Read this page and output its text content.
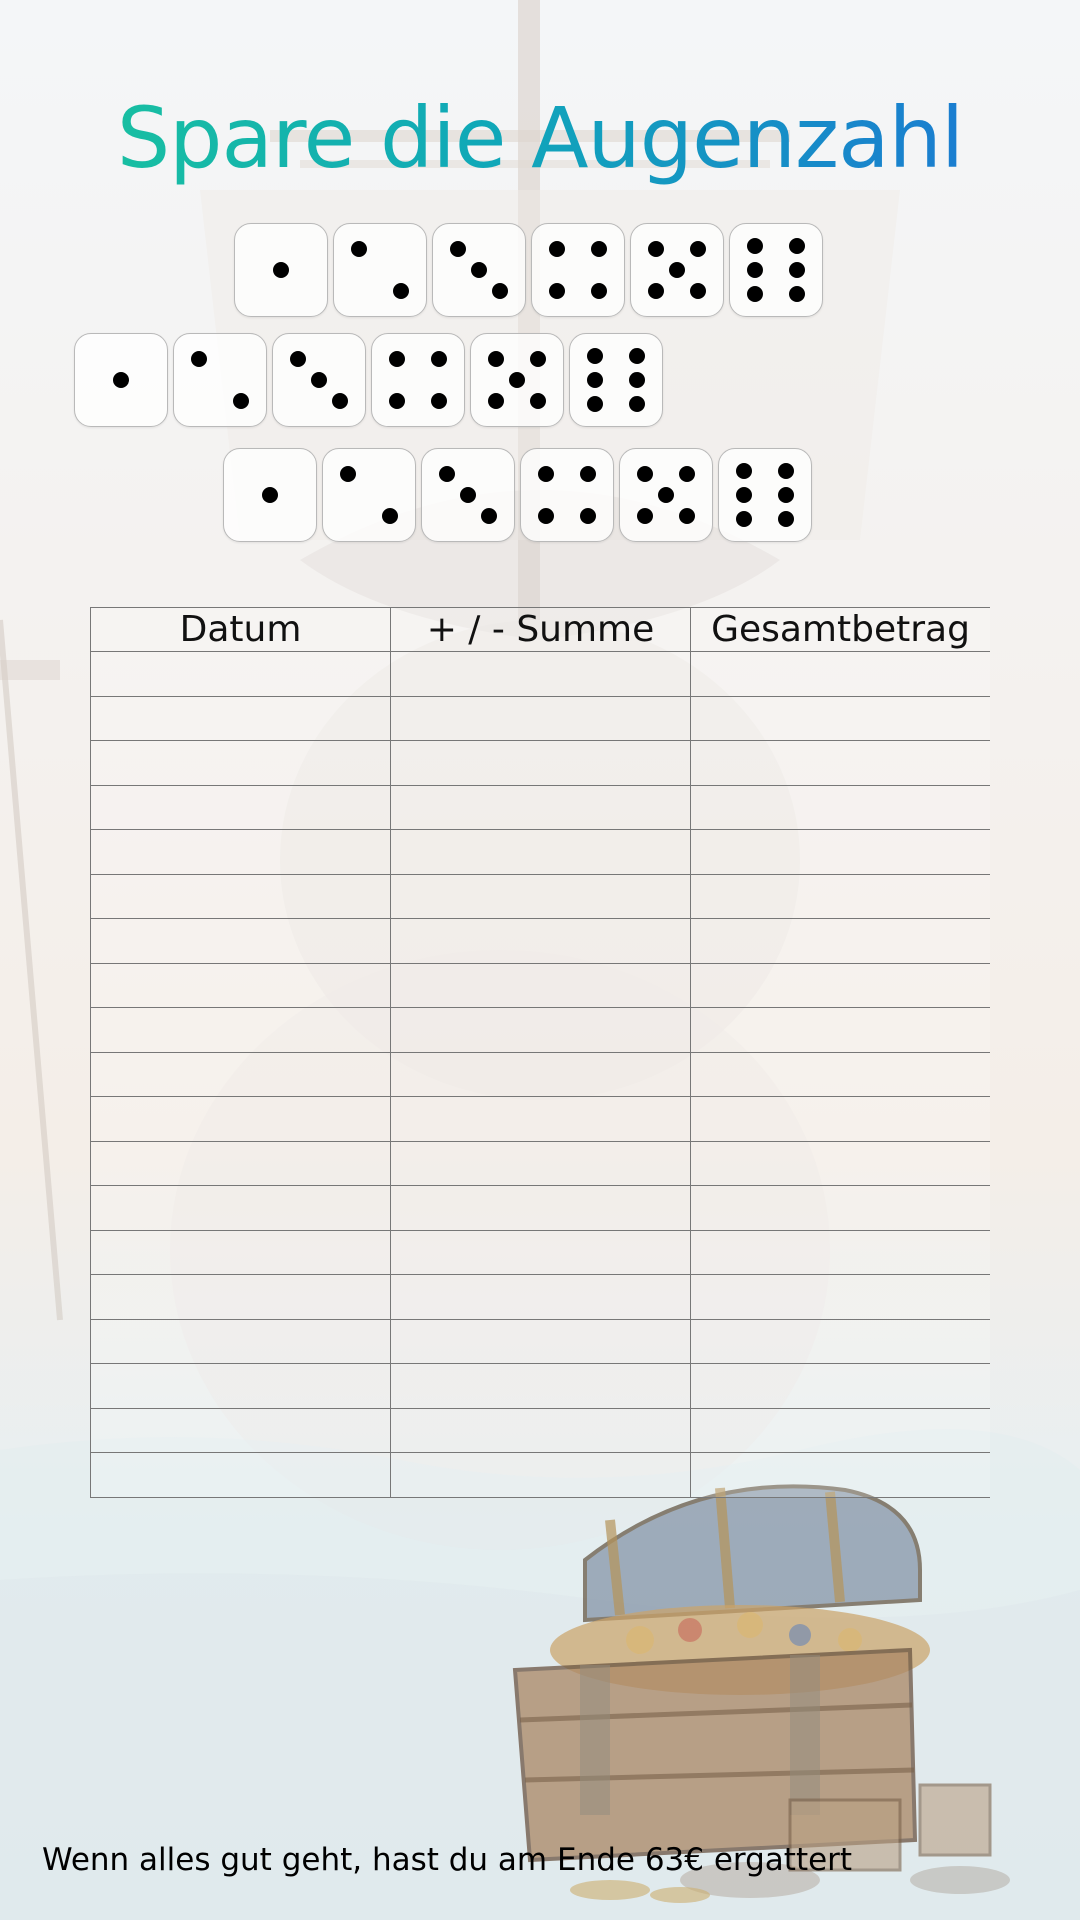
Spare die Augenzahl
Datum	+ / - Summe	Gesamtbetrag

Wenn alles gut geht, hast du am Ende 63€ ergattert
